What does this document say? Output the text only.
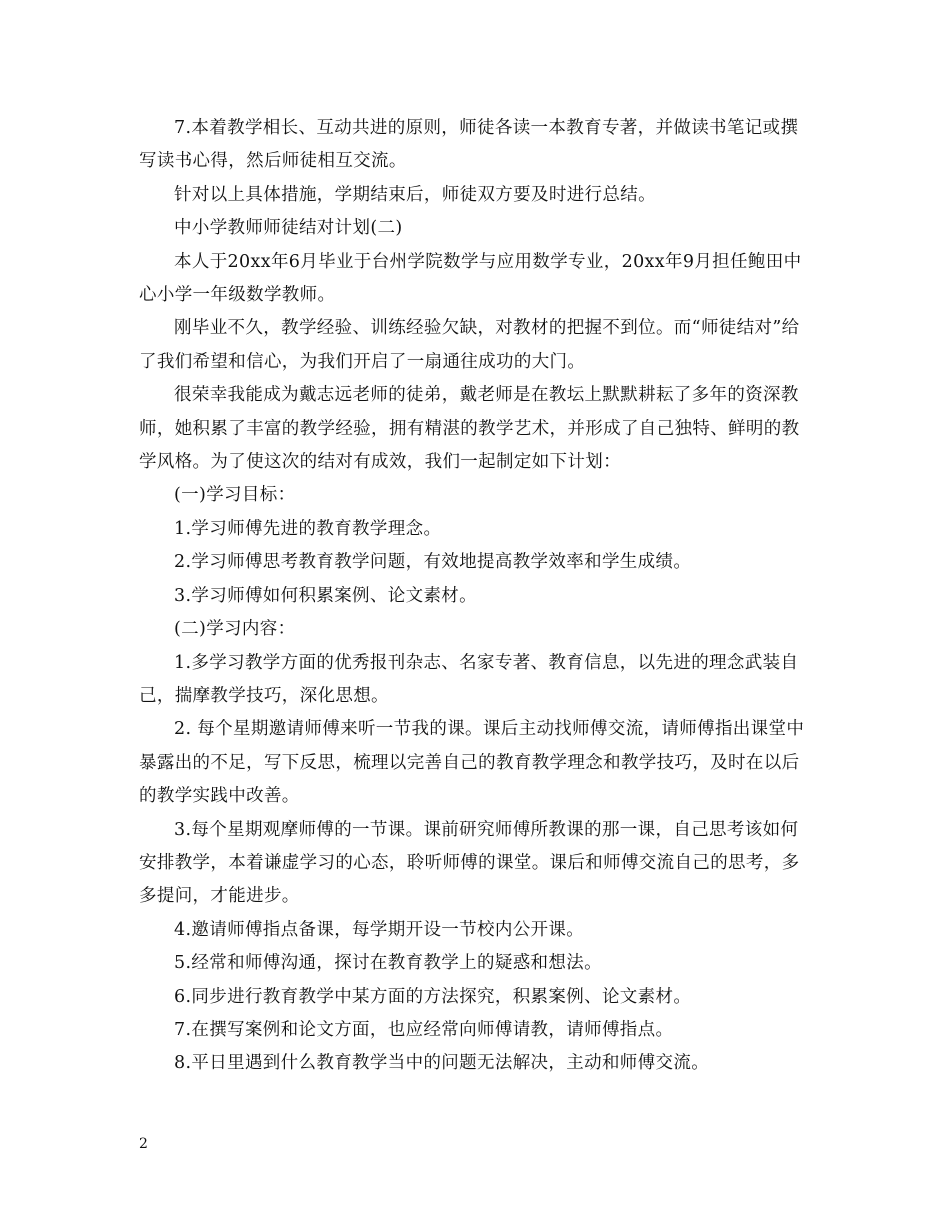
7.本着教学相长、互动共进的原则，师徒各读一本教育专著，并做读书笔记或撰写读书心得，然后师徒相互交流。

针对以上具体措施，学期结束后，师徒双方要及时进行总结。

中小学教师师徒结对计划(二)

本人于20xx年6月毕业于台州学院数学与应用数学专业，20xx年9月担任鲍田中心小学一年级数学教师。

刚毕业不久，教学经验、训练经验欠缺，对教材的把握不到位。而“师徒结对”给了我们希望和信心，为我们开启了一扇通往成功的大门。

很荣幸我能成为戴志远老师的徒弟，戴老师是在教坛上默默耕耘了多年的资深教师，她积累了丰富的教学经验，拥有精湛的教学艺术，并形成了自己独特、鲜明的教学风格。为了使这次的结对有成效，我们一起制定如下计划：

(一)学习目标：

1.学习师傅先进的教育教学理念。

2.学习师傅思考教育教学问题，有效地提高教学效率和学生成绩。

3.学习师傅如何积累案例、论文素材。

(二)学习内容：

1.多学习教学方面的优秀报刊杂志、名家专著、教育信息，以先进的理念武装自己，揣摩教学技巧，深化思想。

2. 每个星期邀请师傅来听一节我的课。课后主动找师傅交流，请师傅指出课堂中暴露出的不足，写下反思，梳理以完善自己的教育教学理念和教学技巧，及时在以后的教学实践中改善。

3.每个星期观摩师傅的一节课。课前研究师傅所教课的那一课，自己思考该如何安排教学，本着谦虚学习的心态，聆听师傅的课堂。课后和师傅交流自己的思考，多多提问，才能进步。

4.邀请师傅指点备课，每学期开设一节校内公开课。

5.经常和师傅沟通，探讨在教育教学上的疑惑和想法。

6.同步进行教育教学中某方面的方法探究，积累案例、论文素材。

7.在撰写案例和论文方面，也应经常向师傅请教，请师傅指点。

8.平日里遇到什么教育教学当中的问题无法解决，主动和师傅交流。

2
